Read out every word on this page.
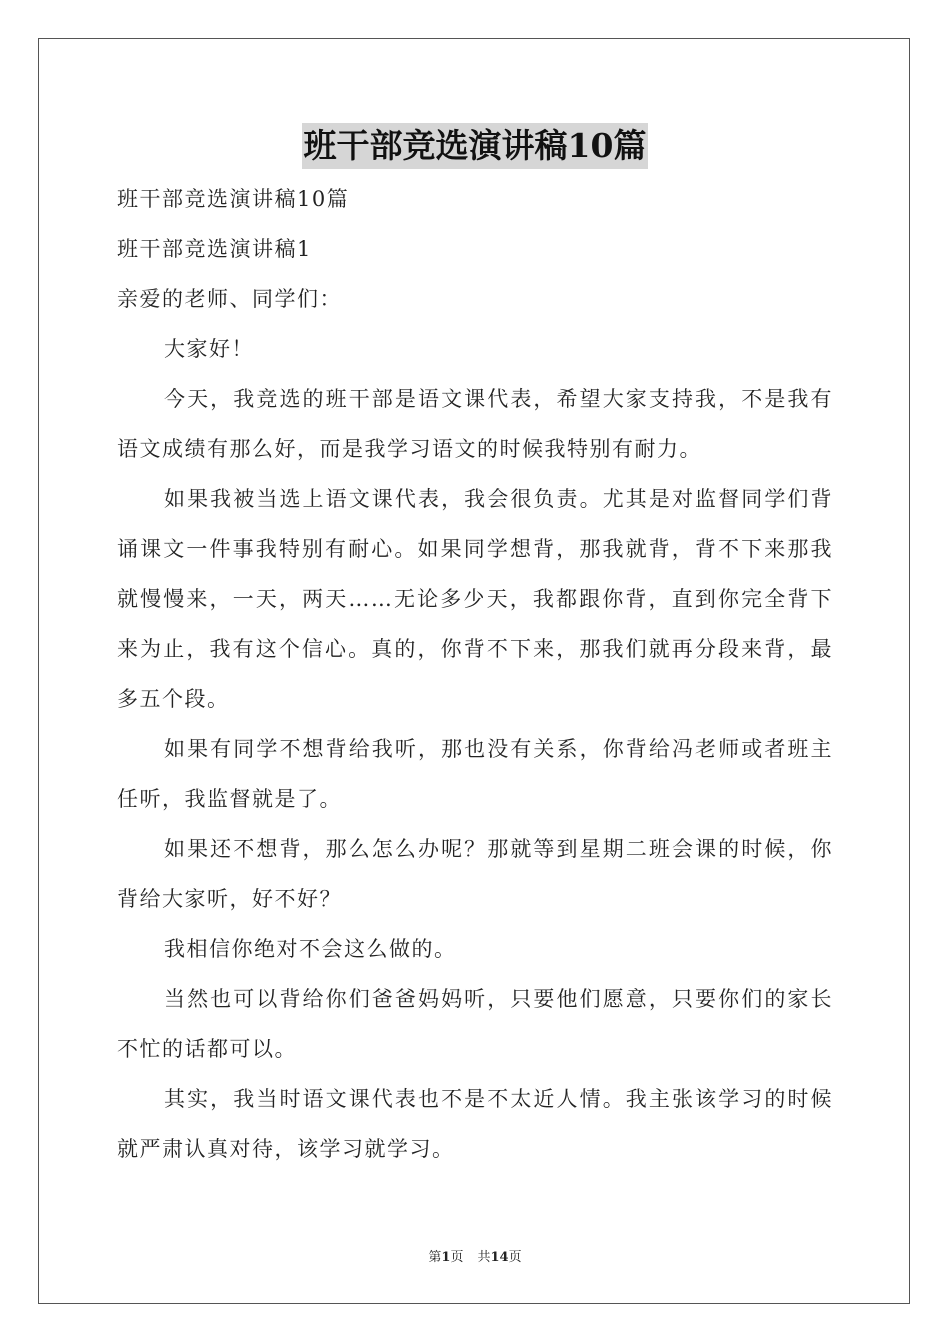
班干部竞选演讲稿10篇

班干部竞选演讲稿10篇

班干部竞选演讲稿1

亲爱的老师、同学们：

大家好！

今天，我竞选的班干部是语文课代表，希望大家支持我，不是我有语文成绩有那么好，而是我学习语文的时候我特别有耐力。

如果我被当选上语文课代表，我会很负责。尤其是对监督同学们背诵课文一件事我特别有耐心。如果同学想背，那我就背，背不下来那我就慢慢来，一天，两天……无论多少天，我都跟你背，直到你完全背下来为止，我有这个信心。真的，你背不下来，那我们就再分段来背，最多五个段。

如果有同学不想背给我听，那也没有关系，你背给冯老师或者班主任听，我监督就是了。

如果还不想背，那么怎么办呢？那就等到星期二班会课的时候，你背给大家听，好不好？

我相信你绝对不会这么做的。

当然也可以背给你们爸爸妈妈听，只要他们愿意，只要你们的家长不忙的话都可以。

其实，我当时语文课代表也不是不太近人情。我主张该学习的时候就严肃认真对待，该学习就学习。

第1页 共14页
